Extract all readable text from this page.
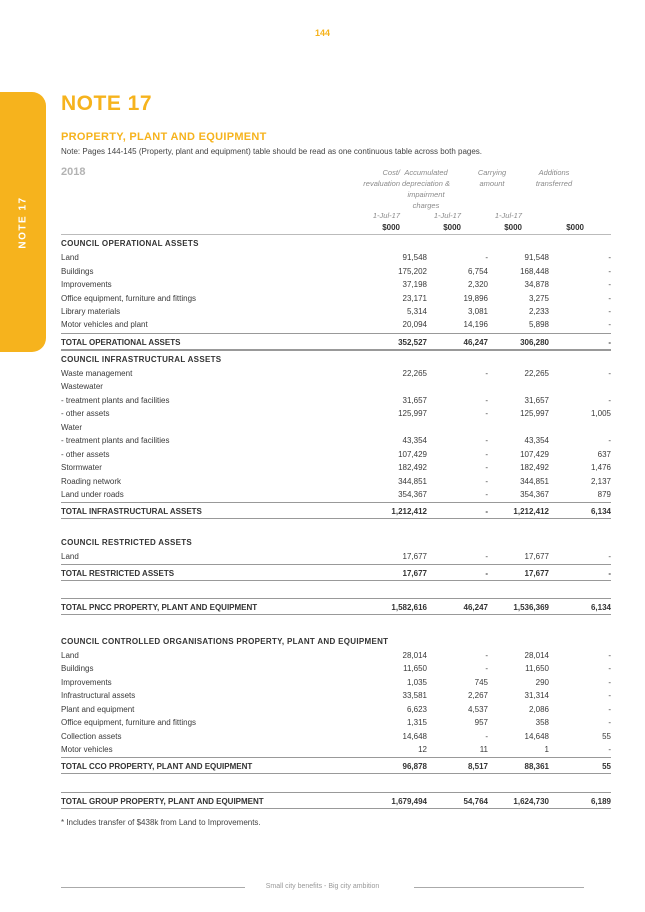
144
NOTE 17
NOTE 17
PROPERTY, PLANT AND EQUIPMENT
Note: Pages 144-145 (Property, plant and equipment) table should be read as one continuous table across both pages.
2018	Cost/
revaluation
Accumulated
depreciation &
impairment
charges
Carrying
amount
Additions
transferred
1-Jul-17	1-Jul-17	1-Jul-17
$000	$000	$000	$000
COUNCIL OPERATIONAL ASSETS
Land	91,548	-	91,548	-
Buildings	175,202	6,754	168,448	-
Improvements	37,198	2,320	34,878	-
Office equipment, furniture and fittings	23,171	19,896	3,275	-
Library materials	5,314	3,081	2,233	-
Motor vehicles and plant	20,094	14,196	5,898	-
TOTAL OPERATIONAL ASSETS	352,527	46,247	306,280	-
COUNCIL INFRASTRUCTURAL ASSETS
Waste management	22,265	-	22,265	-
Wastewater
- treatment plants and facilities	31,657	-	31,657	-
- other assets	125,997	-	125,997	1,005
Water
- treatment plants and facilities	43,354	-	43,354	-
- other assets	107,429	-	107,429	637
Stormwater	182,492	-	182,492	1,476
Roading network	344,851	-	344,851	2,137
Land under roads	354,367	-	354,367	879
TOTAL INFRASTRUCTURAL ASSETS	1,212,412	-	1,212,412	6,134
COUNCIL RESTRICTED ASSETS
Land	17,677	-	17,677	-
TOTAL RESTRICTED ASSETS	17,677	-	17,677	-
TOTAL PNCC PROPERTY, PLANT AND EQUIPMENT	1,582,616	46,247	1,536,369	6,134
COUNCIL CONTROLLED ORGANISATIONS PROPERTY, PLANT AND EQUIPMENT
Land	28,014	-	28,014	-
Buildings	11,650	-	11,650	-
Improvements	1,035	745	290	-
Infrastructural assets	33,581	2,267	31,314	-
Plant and equipment	6,623	4,537	2,086	-
Office equipment, furniture and fittings	1,315	957	358	-
Collection assets	14,648	-	14,648	55
Motor vehicles	12	11	1	-
TOTAL CCO PROPERTY, PLANT AND EQUIPMENT	96,878	8,517	88,361	55
TOTAL GROUP PROPERTY, PLANT AND EQUIPMENT	1,679,494	54,764	1,624,730	6,189
* Includes transfer of $438k from Land to Improvements.
Small city benefits - Big city ambition
